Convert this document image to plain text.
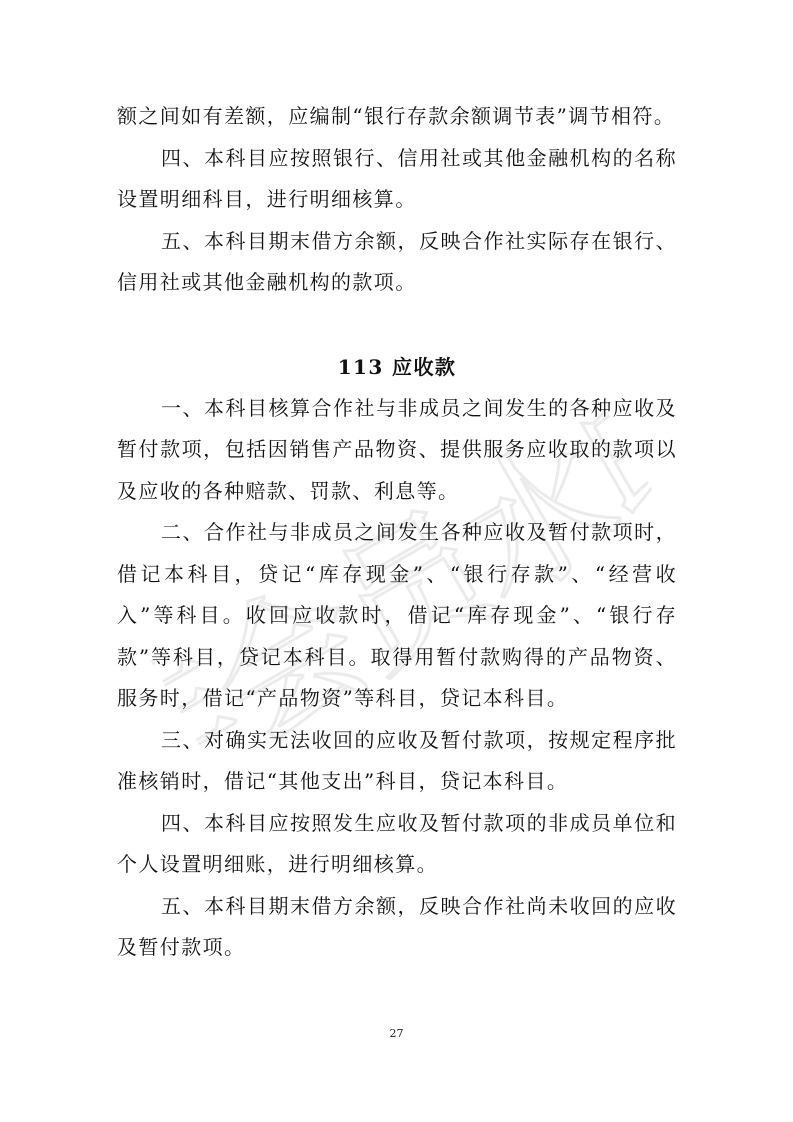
非会员水印

额之间如有差额，应编制“银行存款余额调节表”调节相符。

四、本科目应按照银行、信用社或其他金融机构的名称设置明细科目，进行明细核算。

五、本科目期末借方余额，反映合作社实际存在银行、信用社或其他金融机构的款项。

113 应收款

一、本科目核算合作社与非成员之间发生的各种应收及暂付款项，包括因销售产品物资、提供服务应收取的款项以及应收的各种赔款、罚款、利息等。

二、合作社与非成员之间发生各种应收及暂付款项时，借记本科目，贷记“库存现金”、“银行存款”、“经营收入”等科目。收回应收款时，借记“库存现金”、“银行存款”等科目，贷记本科目。取得用暂付款购得的产品物资、服务时，借记“产品物资”等科目，贷记本科目。

三、对确实无法收回的应收及暂付款项，按规定程序批准核销时，借记“其他支出”科目，贷记本科目。

四、本科目应按照发生应收及暂付款项的非成员单位和个人设置明细账，进行明细核算。

五、本科目期末借方余额，反映合作社尚未收回的应收及暂付款项。

27
